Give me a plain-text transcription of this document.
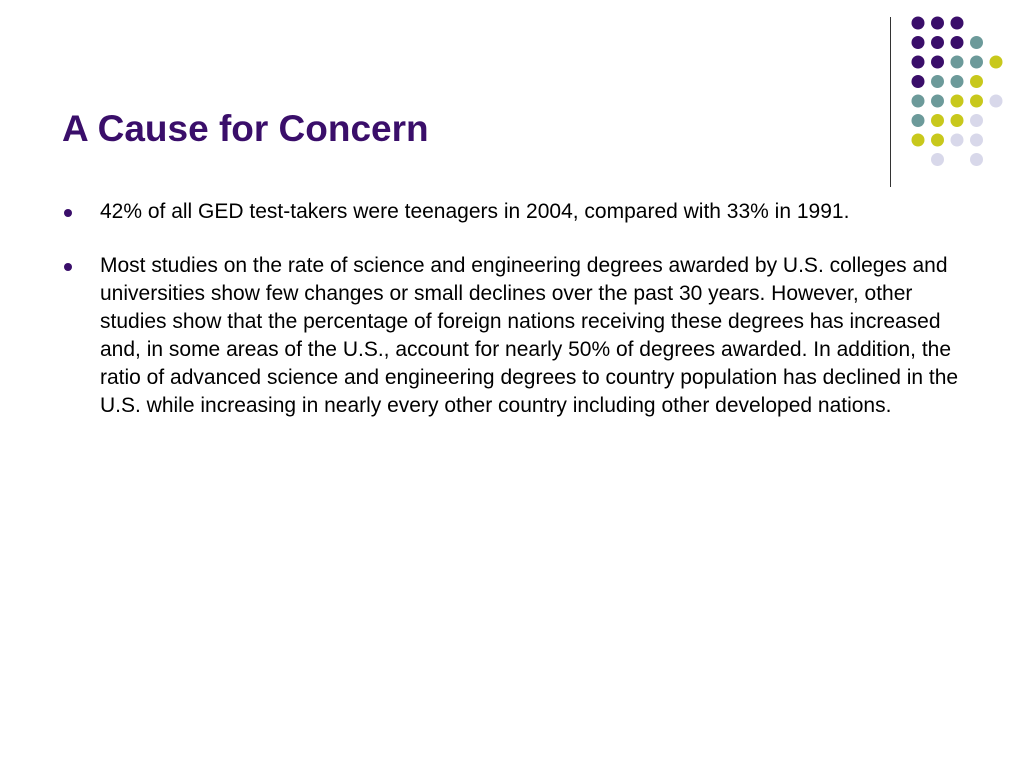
A Cause for Concern
42% of all GED test-takers were teenagers in 2004, compared with 33% in 1991.
Most studies on the rate of science and engineering degrees awarded by U.S. colleges and universities show few changes or small declines over the past 30 years. However, other studies show that the percentage of foreign nations receiving these degrees has increased and, in some areas of the U.S., account for nearly 50% of degrees awarded. In addition, the ratio of advanced science and engineering degrees to country population has declined in the U.S. while increasing in nearly every other country including other developed nations.
